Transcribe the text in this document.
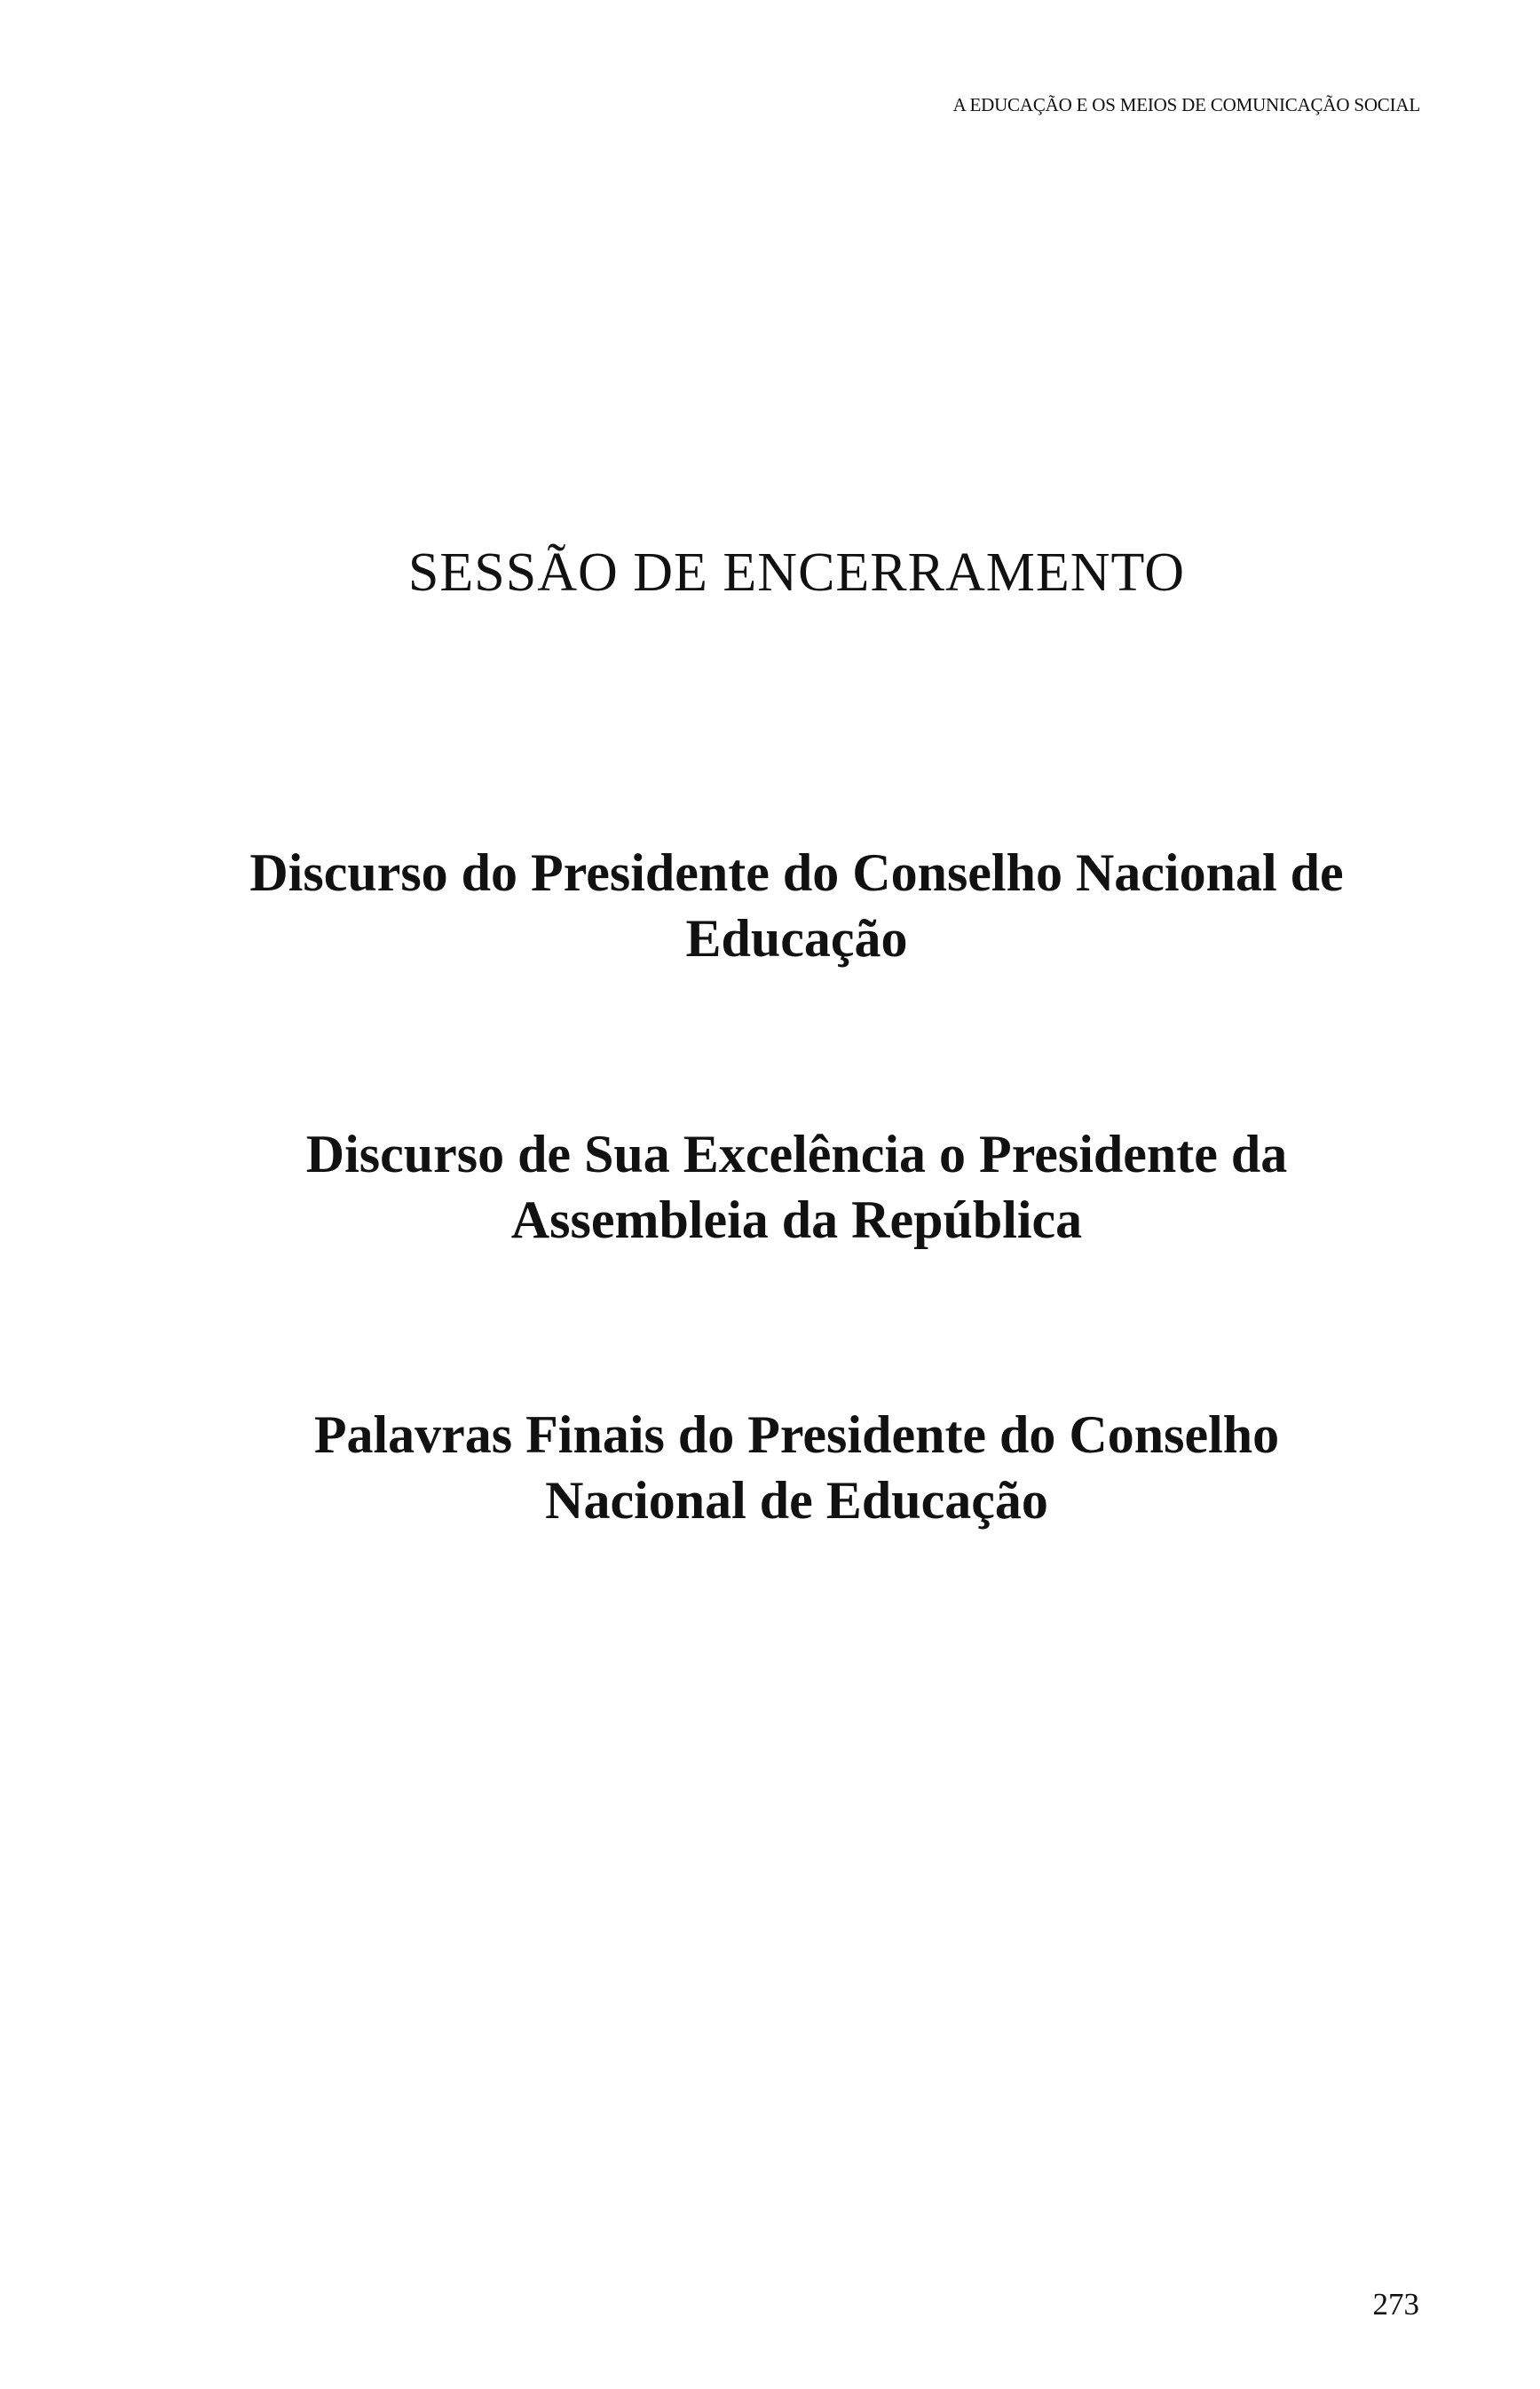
A EDUCAÇÃO E OS MEIOS DE COMUNICAÇÃO SOCIAL
SESSÃO DE ENCERRAMENTO
Discurso do Presidente do Conselho Nacional de
Educação
Discurso de Sua Excelência o Presidente da
Assembleia da República
Palavras Finais do Presidente do Conselho
Nacional de Educação
273
